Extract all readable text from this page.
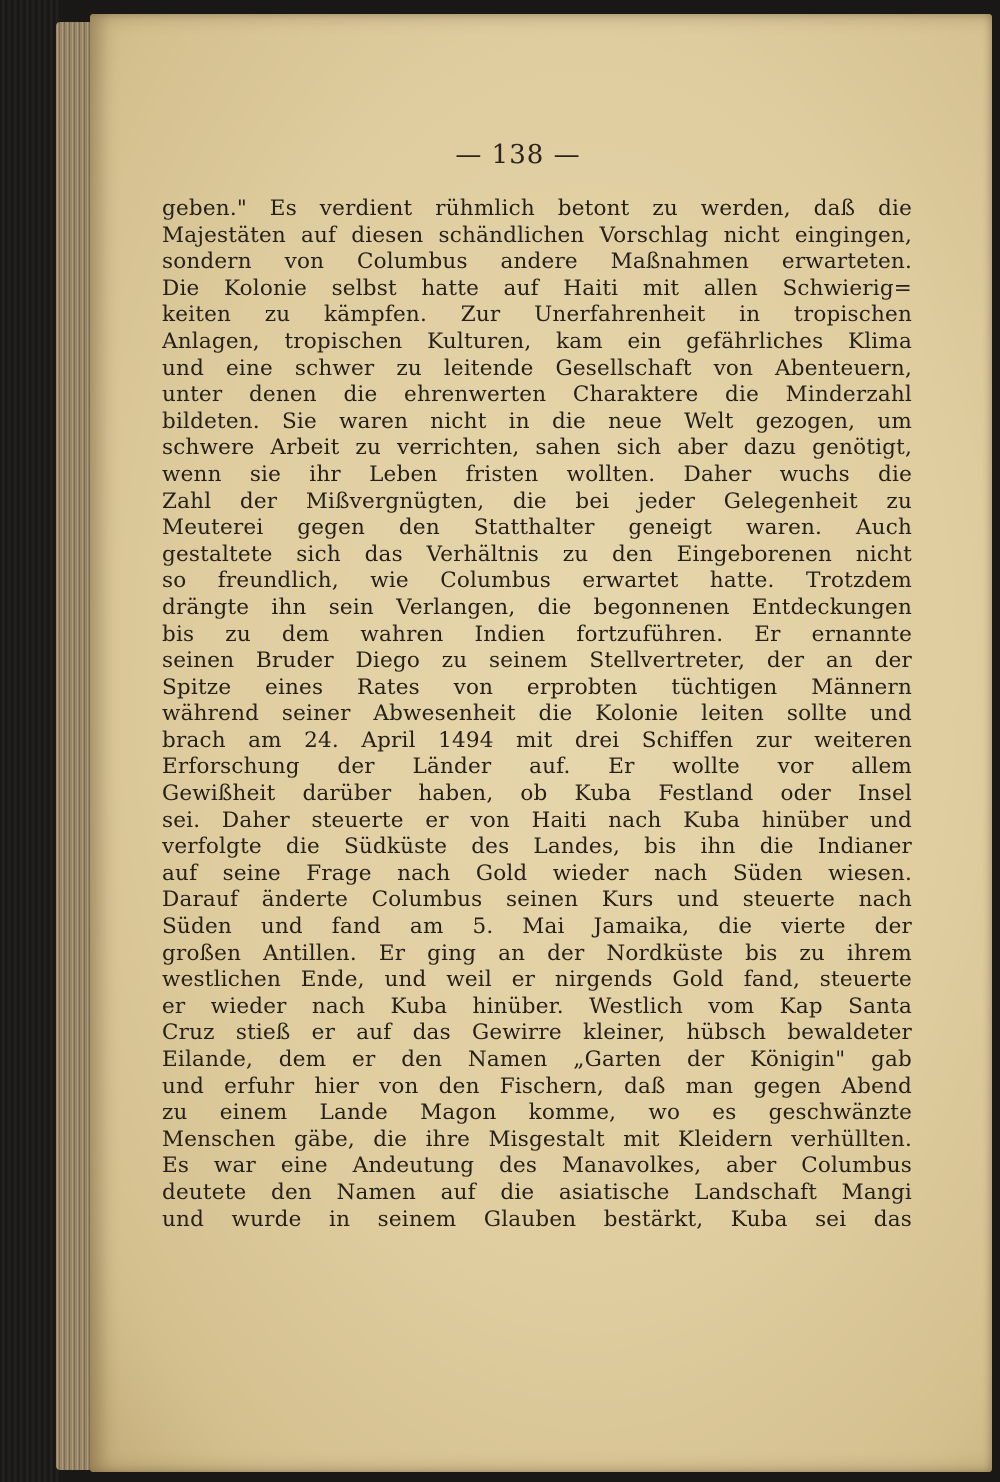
— 138 —
geben." Es verdient rühmlich betont zu werden, daß die
Majestäten auf diesen schändlichen Vorschlag nicht eingingen,
sondern von Columbus andere Maßnahmen erwarteten.
Die Kolonie selbst hatte auf Haiti mit allen Schwierig=
keiten zu kämpfen. Zur Unerfahrenheit in tropischen
Anlagen, tropischen Kulturen, kam ein gefährliches Klima
und eine schwer zu leitende Gesellschaft von Abenteuern,
unter denen die ehrenwerten Charaktere die Minderzahl
bildeten. Sie waren nicht in die neue Welt gezogen, um
schwere Arbeit zu verrichten, sahen sich aber dazu genötigt,
wenn sie ihr Leben fristen wollten. Daher wuchs die
Zahl der Mißvergnügten, die bei jeder Gelegenheit zu
Meuterei gegen den Statthalter geneigt waren. Auch
gestaltete sich das Verhältnis zu den Eingeborenen nicht
so freundlich, wie Columbus erwartet hatte. Trotzdem
drängte ihn sein Verlangen, die begonnenen Entdeckungen
bis zu dem wahren Indien fortzuführen. Er ernannte
seinen Bruder Diego zu seinem Stellvertreter, der an der
Spitze eines Rates von erprobten tüchtigen Männern
während seiner Abwesenheit die Kolonie leiten sollte und
brach am 24. April 1494 mit drei Schiffen zur weiteren
Erforschung der Länder auf. Er wollte vor allem
Gewißheit darüber haben, ob Kuba Festland oder Insel
sei. Daher steuerte er von Haiti nach Kuba hinüber und
verfolgte die Südküste des Landes, bis ihn die Indianer
auf seine Frage nach Gold wieder nach Süden wiesen.
Darauf änderte Columbus seinen Kurs und steuerte nach
Süden und fand am 5. Mai Jamaika, die vierte der
großen Antillen. Er ging an der Nordküste bis zu ihrem
westlichen Ende, und weil er nirgends Gold fand, steuerte
er wieder nach Kuba hinüber. Westlich vom Kap Santa
Cruz stieß er auf das Gewirre kleiner, hübsch bewaldeter
Eilande, dem er den Namen „Garten der Königin" gab
und erfuhr hier von den Fischern, daß man gegen Abend
zu einem Lande Magon komme, wo es geschwänzte
Menschen gäbe, die ihre Misgestalt mit Kleidern verhüllten.
Es war eine Andeutung des Manavolkes, aber Columbus
deutete den Namen auf die asiatische Landschaft Mangi
und wurde in seinem Glauben bestärkt, Kuba sei das
